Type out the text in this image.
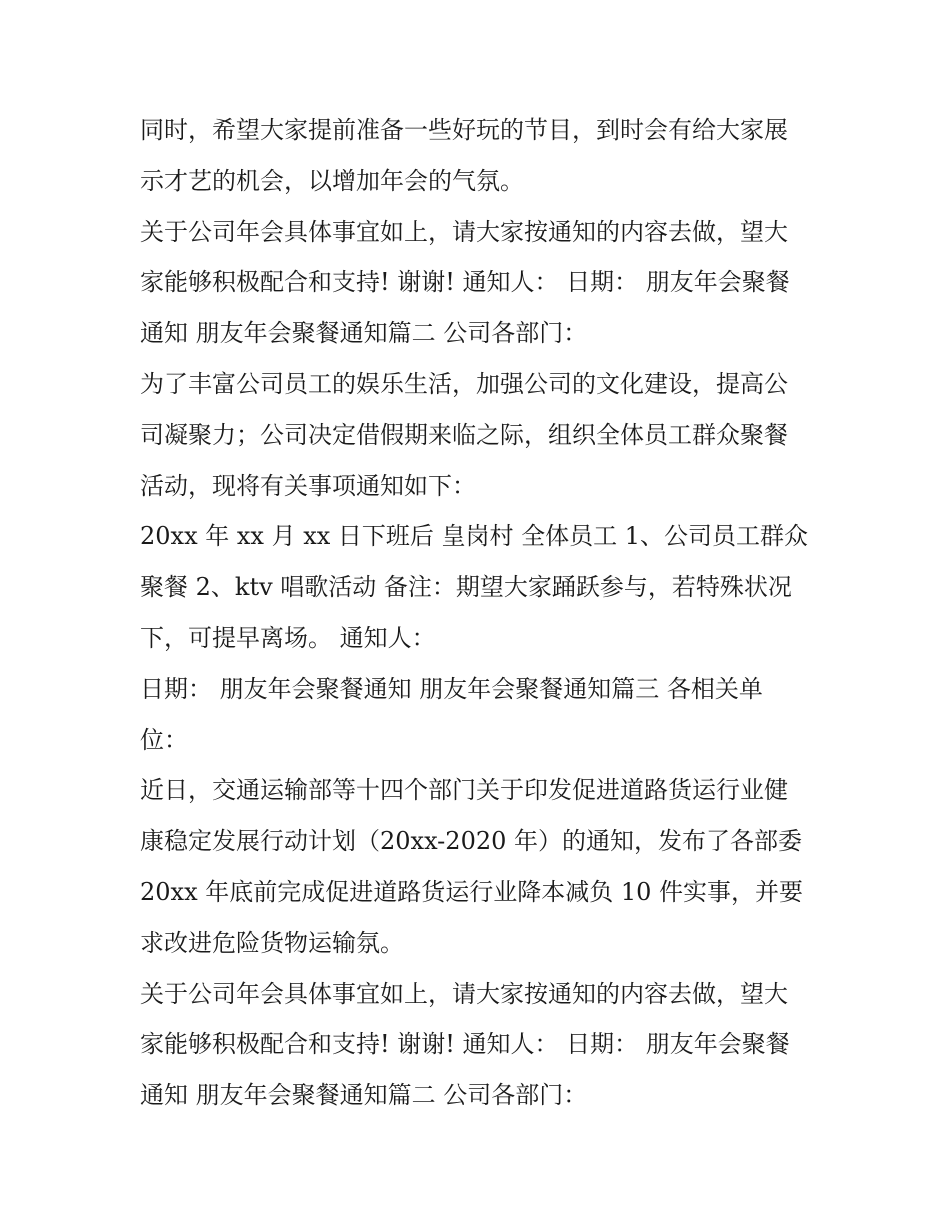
同时，希望大家提前准备一些好玩的节目，到时会有给大家展
示才艺的机会，以增加年会的气氛。

关于公司年会具体事宜如上，请大家按通知的内容去做，望大
家能够积极配合和支持! 谢谢! 通知人： 日期： 朋友年会聚餐
通知 朋友年会聚餐通知篇二 公司各部门：

为了丰富公司员工的娱乐生活，加强公司的文化建设，提高公
司凝聚力；公司决定借假期来临之际，组织全体员工群众聚餐
活动，现将有关事项通知如下：

20xx 年 xx 月 xx 日下班后 皇岗村 全体员工 1、公司员工群众
聚餐 2、ktv 唱歌活动 备注：期望大家踊跃参与，若特殊状况
下，可提早离场。 通知人：

日期： 朋友年会聚餐通知 朋友年会聚餐通知篇三 各相关单
位：

近日，交通运输部等十四个部门关于印发促进道路货运行业健
康稳定发展行动计划（20xx-2020 年）的通知，发布了各部委
20xx 年底前完成促进道路货运行业降本减负 10 件实事，并要
求改进危险货物运输氛。

关于公司年会具体事宜如上，请大家按通知的内容去做，望大
家能够积极配合和支持! 谢谢! 通知人： 日期： 朋友年会聚餐
通知 朋友年会聚餐通知篇二 公司各部门：
